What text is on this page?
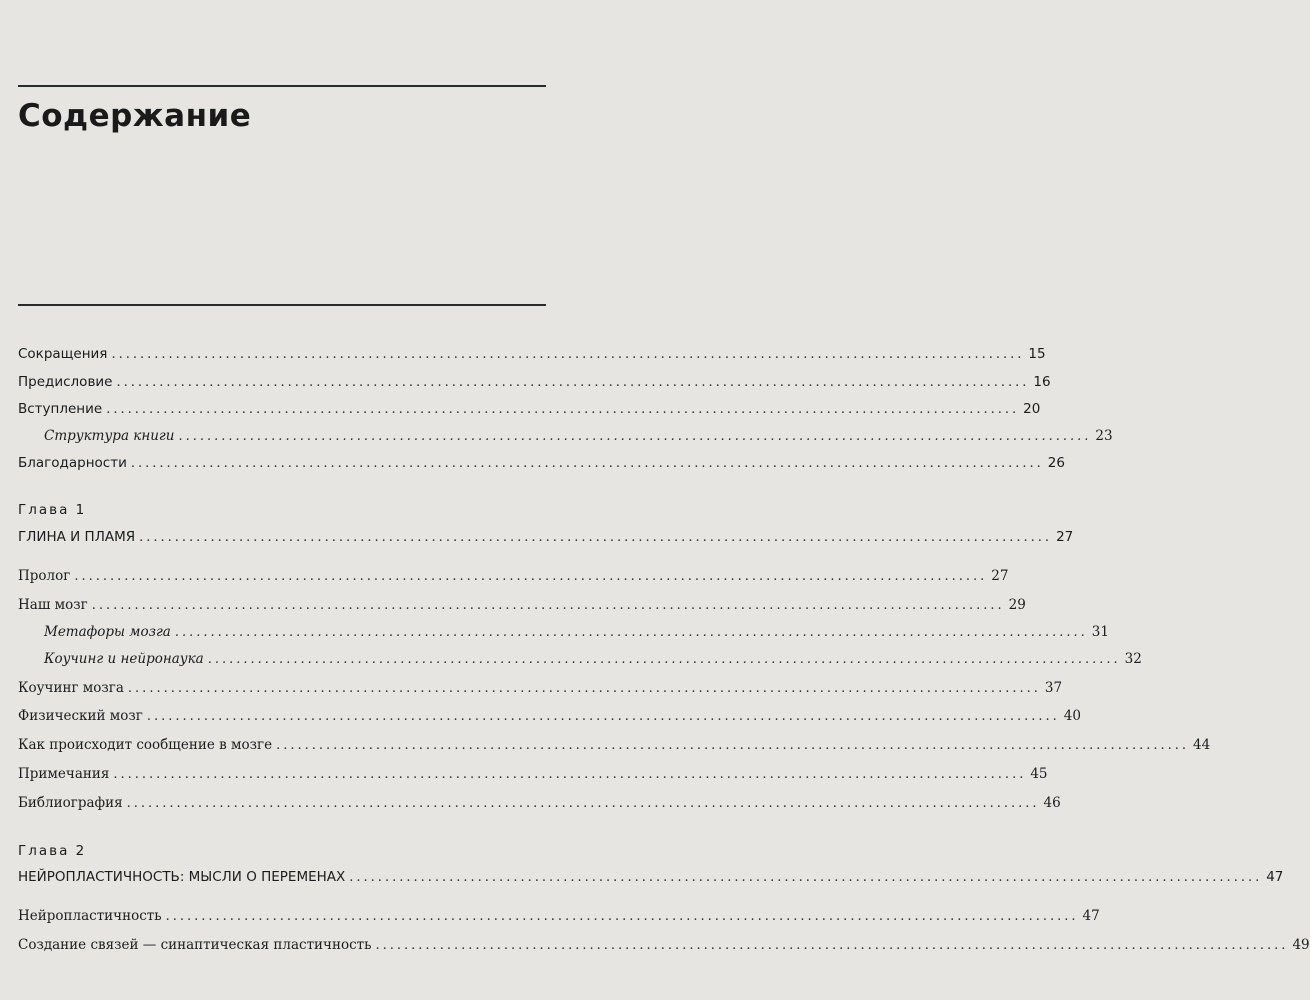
Содержание
Сокращения ................................................................................................................................ 15
Предисловие ................................................................................................................................ 16
Вступление ................................................................................................................................ 20
Структура книги ................................................................................................................................ 23
Благодарности ................................................................................................................................ 26
Глава 1
ГЛИНА И ПЛАМЯ ................................................................................................................................ 27
Пролог ................................................................................................................................ 27
Наш мозг ................................................................................................................................ 29
Метафоры мозга ................................................................................................................................ 31
Коучинг и нейронаука ................................................................................................................................ 32
Коучинг мозга ................................................................................................................................ 37
Физический мозг ................................................................................................................................ 40
Как происходит сообщение в мозге ................................................................................................................................ 44
Примечания ................................................................................................................................ 45
Библиография ................................................................................................................................ 46
Глава 2
НЕЙРОПЛАСТИЧНОСТЬ: МЫСЛИ О ПЕРЕМЕНАХ ................................................................................................................................ 47
Нейропластичность ................................................................................................................................ 47
Создание связей — синаптическая пластичность ................................................................................................................................ 49
